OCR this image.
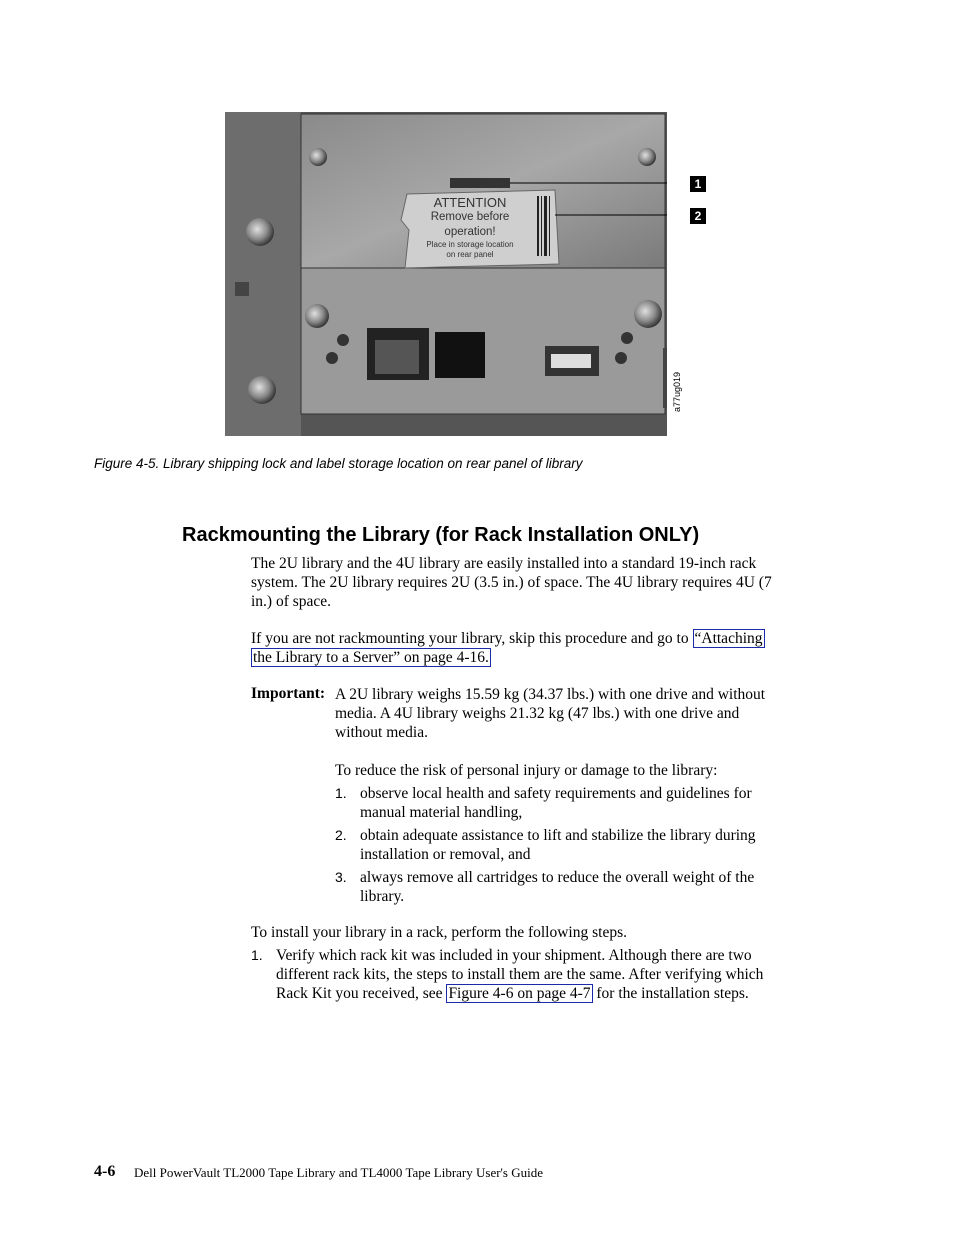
ATTENTION
Remove before
operation!
Place in storage location
on rear panel
1
2
a77ug019
Figure 4-5. Library shipping lock and label storage location on rear panel of library
Rackmounting the Library (for Rack Installation ONLY)
The 2U library and the 4U library are easily installed into a standard 19-inch rack
system. The 2U library requires 2U (3.5 in.) of space. The 4U library requires 4U (7
in.) of space.
If you are not rackmounting your library, skip this procedure and go to “Attaching
the Library to a Server” on page 4-16.
Important: A 2U library weighs 15.59 kg (34.37 lbs.) with one drive and without
media. A 4U library weighs 21.32 kg (47 lbs.) with one drive and
without media.
To reduce the risk of personal injury or damage to the library:
1. observe local health and safety requirements and guidelines for
manual material handling,
2. obtain adequate assistance to lift and stabilize the library during
installation or removal, and
3. always remove all cartridges to reduce the overall weight of the
library.
To install your library in a rack, perform the following steps.
1. Verify which rack kit was included in your shipment. Although there are two
different rack kits, the steps to install them are the same. After verifying which
Rack Kit you received, see Figure 4-6 on page 4-7 for the installation steps.
4-6 Dell PowerVault TL2000 Tape Library and TL4000 Tape Library User's Guide
